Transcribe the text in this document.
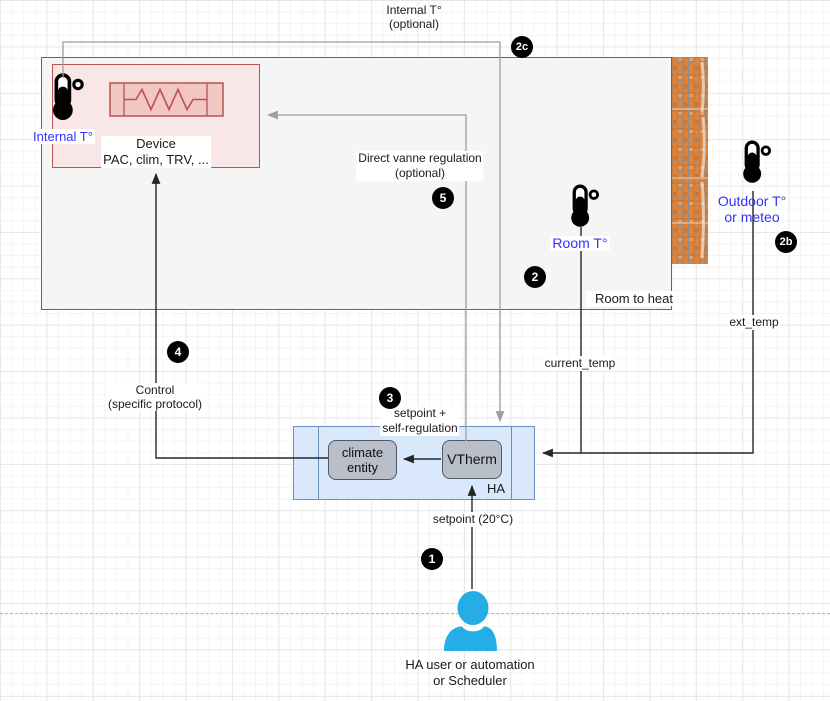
Room to heat
Device
PAC, clim, TRV, ...
Internal T°
Room T°
Outdoor T°
or meteo
climate
entity
VTherm
HA
Internal T°
(optional)
Direct vanne regulation
(optional)
Control
(specific protocol)
setpoint +
self-regulation
current_temp
ext_temp
setpoint (20°C)
1
2
2b
2c
3
4
5
HA user or automation
or Scheduler
